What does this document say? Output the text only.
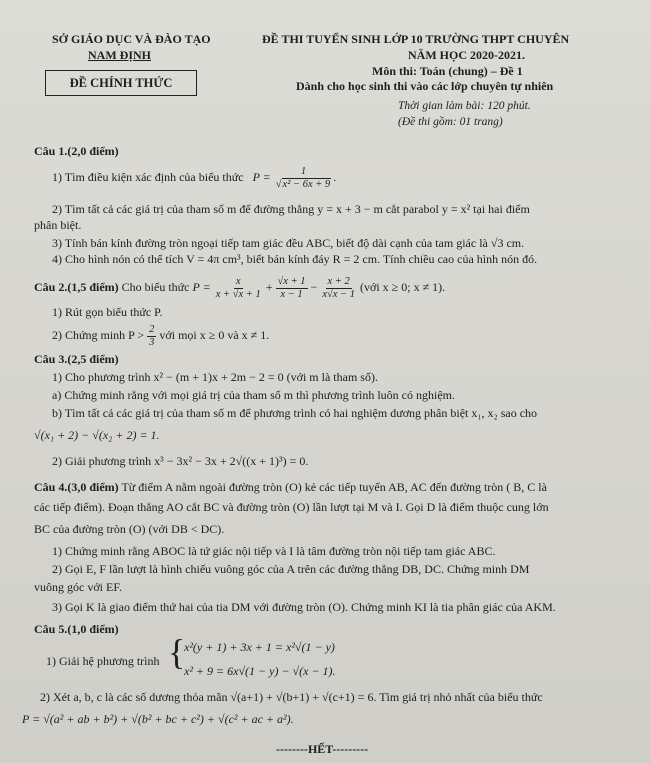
SỞ GIÁO DỤC VÀ ĐÀO TẠO
NAM ĐỊNH
ĐỀ CHÍNH THỨC
ĐỀ THI TUYỂN SINH LỚP 10 TRƯỜNG THPT CHUYÊN
NĂM HỌC 2020-2021.
Môn thi: Toán (chung) – Đề 1
Dành cho học sinh thi vào các lớp chuyên tự nhiên
Thời gian làm bài: 120 phút.
(Đề thi gồm: 01 trang)
Câu 1.(2,0 điểm)
1) Tìm điều kiện xác định của biểu thức $P = \frac{1}{\text{√x² − 6x + 9}}$ .
2) Tìm tất cả các giá trị của tham số m để đường thẳng y = x + 3 − m cắt parabol y = x² tại hai điểm
phân biệt.
3) Tính bán kính đường tròn ngoại tiếp tam giác đều ABC, biết độ dài cạnh của tam giác là √3 cm.
4) Cho hình nón có thể tích V = 4π cm³, biết bán kính đáy R = 2 cm. Tính chiều cao của hình nón đó.
Câu 2.(1,5 điểm) Cho biểu thức $P = \frac{x}{x + √x + 1} + \frac{√x + 1}{x - 1} - \frac{x + 2}{x√x - 1}$ (với x ≥ 0; x ≠ 1).
1) Rút gọn biểu thức P.
2) Chứng minh $P > \frac{2}{3}$ với mọi x ≥ 0 và x ≠ 1.
Câu 3.(2,5 điểm)
1) Cho phương trình x² − (m + 1)x + 2m − 2 = 0 (với m là tham số).
a) Chứng minh rằng với mọi giá trị của tham số m thì phương trình luôn có nghiệm.
b) Tìm tất cả các giá trị của tham số m để phương trình có hai nghiệm dương phân biệt x₁, x₂ sao cho
√(x₁ + 2) − √(x₂ + 2) = 1.
2) Giải phương trình x³ − 3x² − 3x + 2√((x + 1)³) = 0.
Câu 4.(3,0 điểm) Từ điểm A nằm ngoài đường tròn (O) kẻ các tiếp tuyến AB, AC đến đường tròn ( B, C là
các tiếp điểm). Đoạn thẳng AO cắt BC và đường tròn (O) lần lượt tại M và I. Gọi D là điểm thuộc cung lớn
BC của đường tròn (O) (với DB < DC).
1) Chứng minh rằng ABOC là tứ giác nội tiếp và I là tâm đường tròn nội tiếp tam giác ABC.
2) Gọi E, F lần lượt là hình chiếu vuông góc của A trên các đường thẳng DB, DC. Chứng minh DM
vuông góc với EF.
3) Gọi K là giao điểm thứ hai của tia DM với đường tròn (O). Chứng minh KI là tia phân giác của AKM.
Câu 5.(1,0 điểm)
1) Giải hệ phương trình {
x²(y + 1) + 3x + 1 = x²√(1 − y)
x² + 9 = 6x√(1 − y) − √(x − 1).
2) Xét a, b, c là các số dương thỏa mãn √(a+1) + √(b+1) + √(c+1) = 6. Tìm giá trị nhỏ nhất của biểu thức
P = √(a² + ab + b²) + √(b² + bc + c²) + √(c² + ac + a²).
--------HẾT---------
